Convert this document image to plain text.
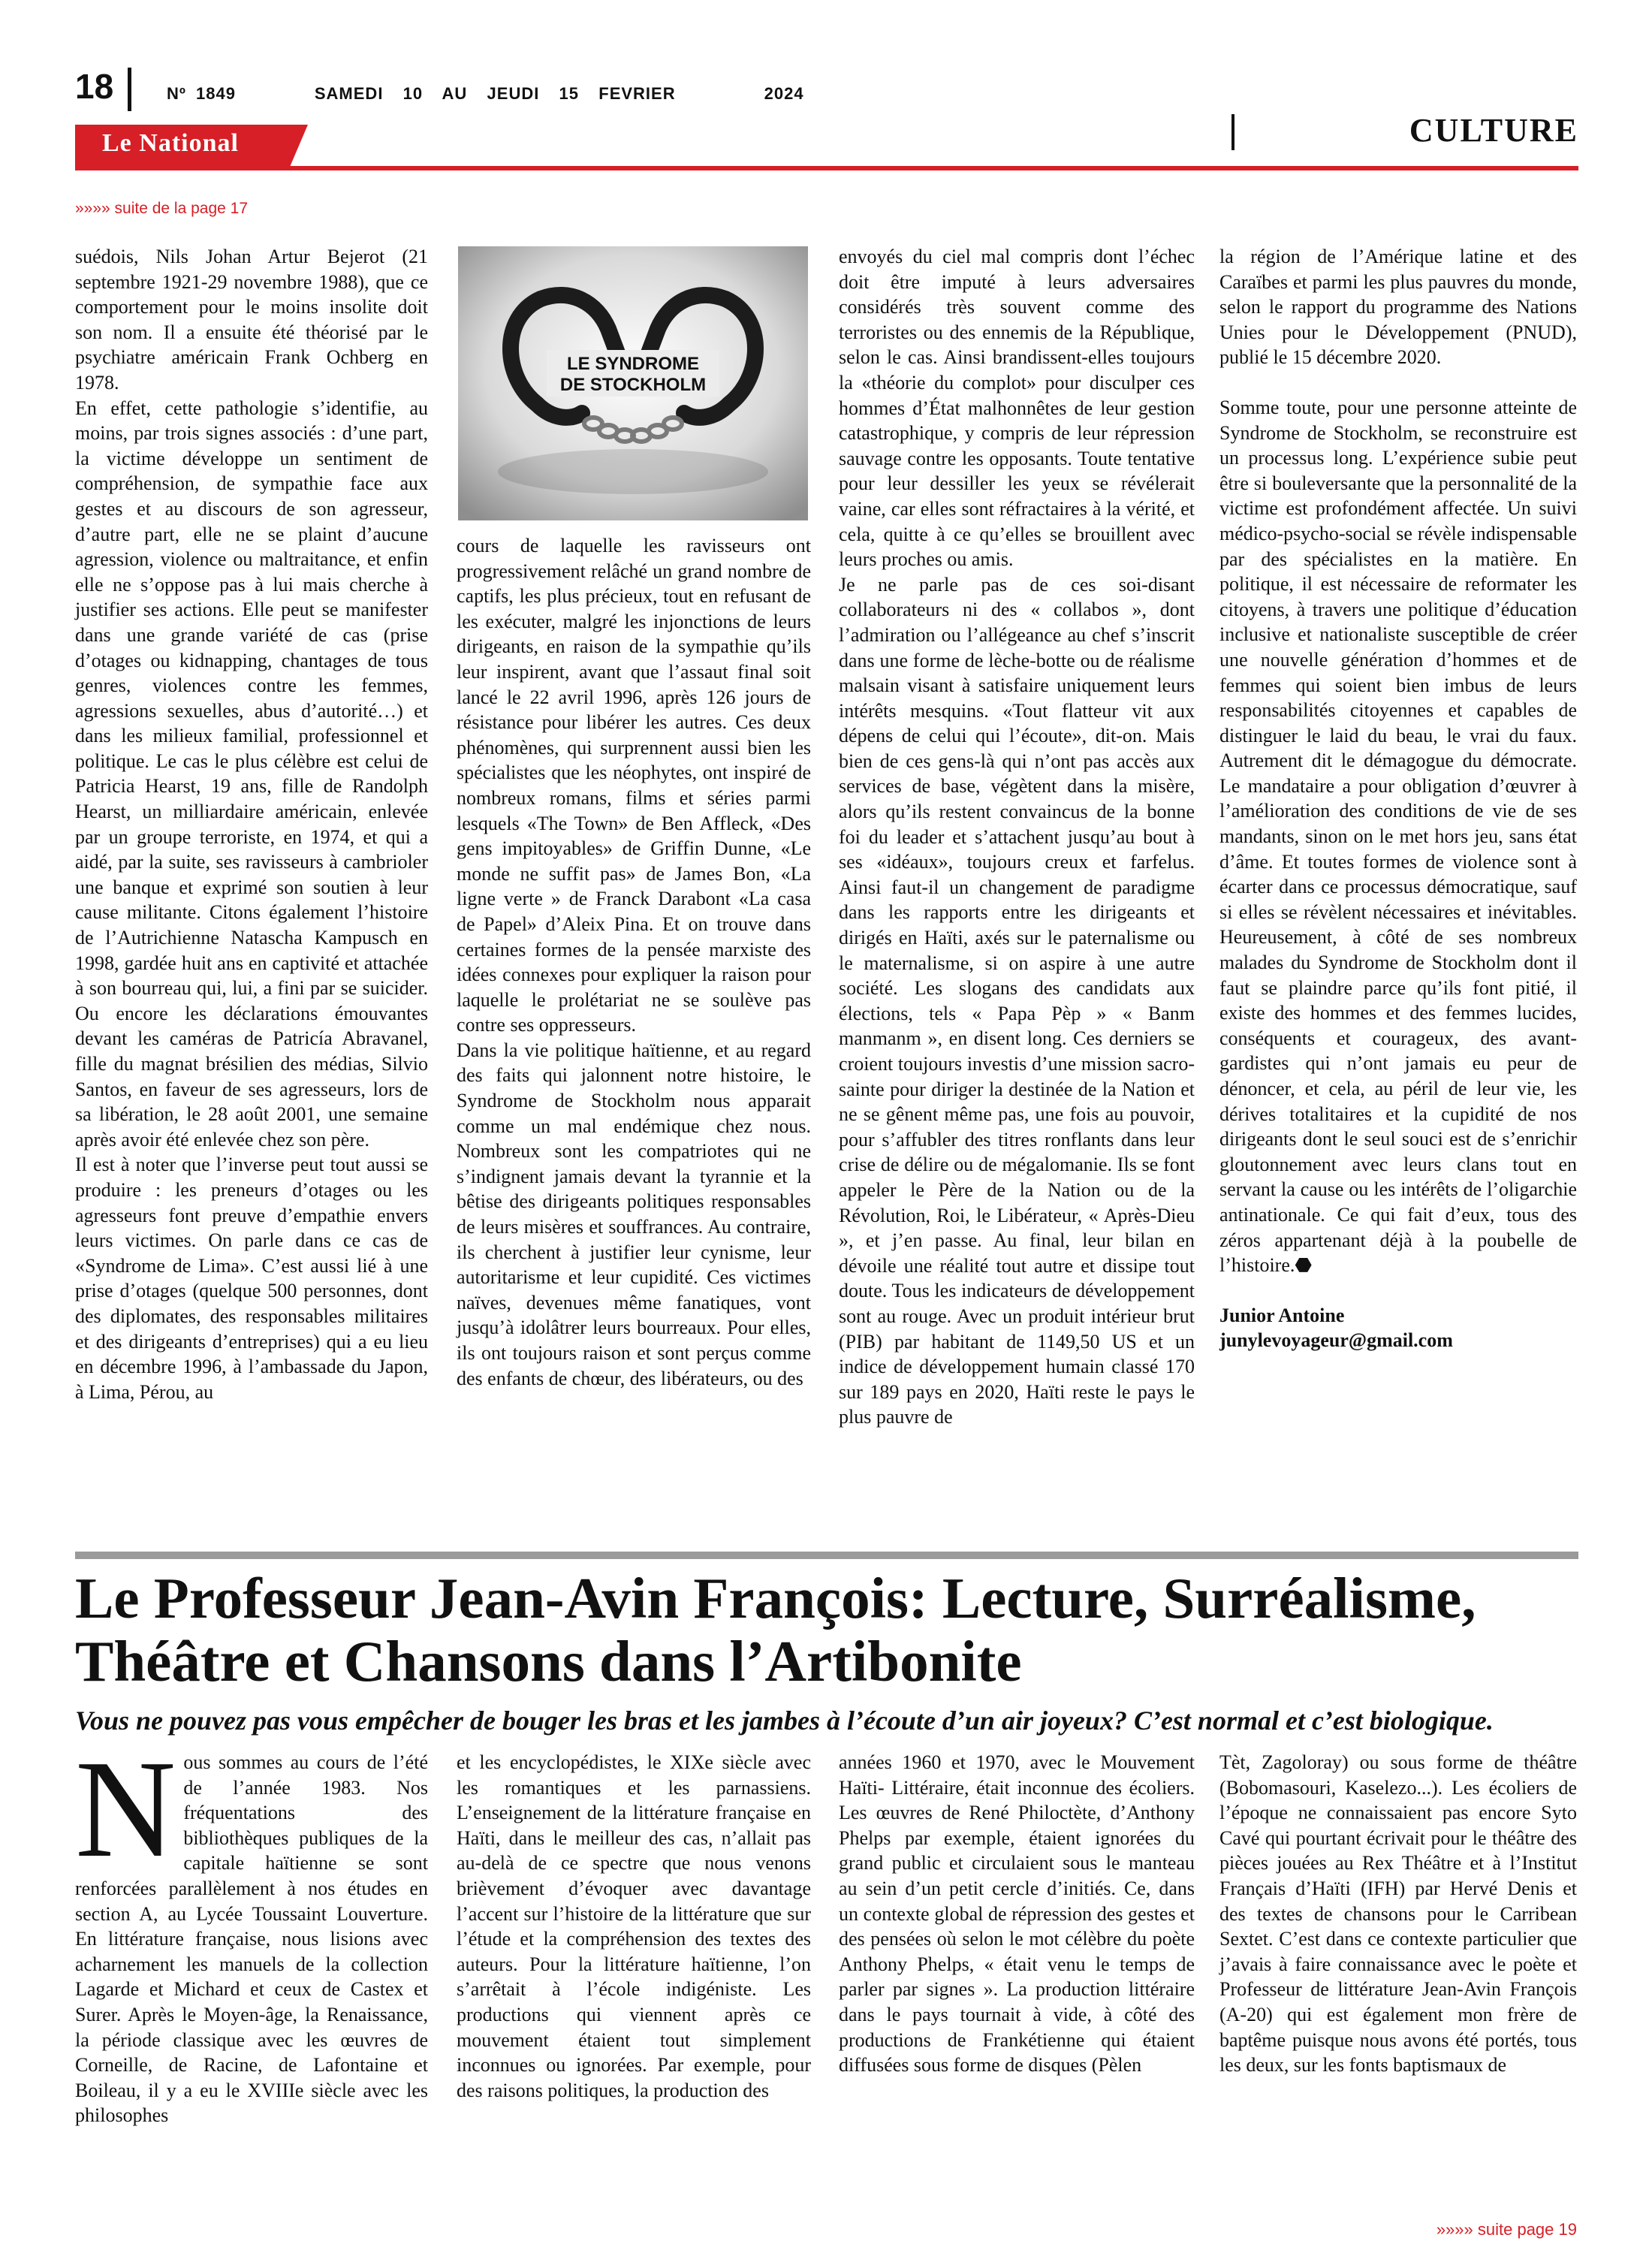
18	Nº 1849        SAMEDI  10  AU  JEUDI  15  FEVRIER         2024
Le National	CULTURE
»»»» suite de la page 17

suédois, Nils Johan Artur Bejerot (21 septembre 1921-29 novembre 1988), que ce comportement pour le moins insolite doit son nom. Il a ensuite été théorisé par le psychiatre américain Frank Ochberg en 1978.

En effet, cette pathologie s’identifie, au moins, par trois signes associés : d’une part, la victime développe un sentiment de compréhension, de sympathie face aux gestes et au discours de son agresseur, d’autre part, elle ne se plaint d’aucune agression, violence ou maltraitance, et enfin elle ne s’oppose pas à lui mais cherche à justifier ses actions. Elle peut se manifester dans une grande variété de cas (prise d’otages ou kidnapping, chantages de tous genres, violences contre les femmes, agressions sexuelles, abus d’autorité…) et dans les milieux familial, professionnel et politique. Le cas le plus célèbre est celui de Patricia Hearst, 19 ans, fille de Randolph Hearst, un milliardaire américain, enlevée par un groupe terroriste, en 1974, et qui a aidé, par la suite, ses ravisseurs à cambrioler une banque et exprimé son soutien à leur cause militante. Citons également l’histoire de l’Autrichienne Natascha Kampusch en 1998, gardée huit ans en captivité et attachée à son bourreau qui, lui, a fini par se suicider. Ou encore les déclarations émouvantes devant les caméras de Patricía Abravanel, fille du magnat brésilien des médias, Silvio Santos, en faveur de ses agresseurs, lors de sa libération, le 28 août 2001, une semaine après avoir été enlevée chez son père.

Il est à noter que l’inverse peut tout aussi se produire : les preneurs d’otages ou les agresseurs font preuve d’empathie envers leurs victimes. On parle dans ce cas de «Syndrome de Lima». C’est aussi lié à une prise d’otages (quelque 500 personnes, dont des diplomates, des responsables militaires et des dirigeants d’entreprises) qui a eu lieu en décembre 1996, à l’ambassade du Japon, à Lima, Pérou, au

LE SYNDROME
DE STOCKHOLM

cours de laquelle les ravisseurs ont progressivement relâché un grand nombre de captifs, les plus précieux, tout en refusant de les exécuter, malgré les injonctions de leurs dirigeants, en raison de la sympathie qu’ils leur inspirent, avant que l’assaut final soit lancé le 22 avril 1996, après 126 jours de résistance pour libérer les autres. Ces deux phénomènes, qui surprennent aussi bien les spécialistes que les néophytes, ont inspiré de nombreux romans, films et séries parmi lesquels «The Town» de Ben Affleck, «Des gens impitoyables» de Griffin Dunne, «Le monde ne suffit pas» de James Bon, «La ligne verte » de Franck Darabont «La casa de Papel» d’Aleix Pina. Et on trouve dans certaines formes de la pensée marxiste des idées connexes pour expliquer la raison pour laquelle le prolétariat ne se soulève pas contre ses oppresseurs.

Dans la vie politique haïtienne, et au regard des faits qui jalonnent notre histoire, le Syndrome de Stockholm nous apparait comme un mal endémique chez nous. Nombreux sont les compatriotes qui ne s’indignent jamais devant la tyrannie et la bêtise des dirigeants politiques responsables de leurs misères et souffrances. Au contraire, ils cherchent à justifier leur cynisme, leur autoritarisme et leur cupidité. Ces victimes naïves, devenues même fanatiques, vont jusqu’à idolâtrer leurs bourreaux. Pour elles, ils ont toujours raison et sont perçus comme des enfants de chœur, des libérateurs, ou des

envoyés du ciel mal compris dont l’échec doit être imputé à leurs adversaires considérés très souvent comme des terroristes ou des ennemis de la République, selon le cas. Ainsi brandissent-elles toujours la «théorie du complot» pour disculper ces hommes d’État malhonnêtes de leur gestion catastrophique, y compris de leur répression sauvage contre les opposants. Toute tentative pour leur dessiller les yeux se révélerait vaine, car elles sont réfractaires à la vérité, et cela, quitte à ce qu’elles se brouillent avec leurs proches ou amis.

Je ne parle pas de ces soi-disant collaborateurs ni des « collabos », dont l’admiration ou l’allégeance au chef s’inscrit dans une forme de lèche-botte ou de réalisme malsain visant à satisfaire uniquement leurs intérêts mesquins. «Tout flatteur vit aux dépens de celui qui l’écoute», dit-on. Mais bien de ces gens-là qui n’ont pas accès aux services de base, végètent dans la misère, alors qu’ils restent convaincus de la bonne foi du leader et s’attachent jusqu’au bout à ses «idéaux», toujours creux et farfelus. Ainsi faut-il un changement de paradigme dans les rapports entre les dirigeants et dirigés en Haïti, axés sur le paternalisme ou le maternalisme, si on aspire à une autre société. Les slogans des candidats aux élections, tels « Papa Pèp » « Banm manmanm », en disent long. Ces derniers se croient toujours investis d’une mission sacro-sainte pour diriger la destinée de la Nation et ne se gênent même pas, une fois au pouvoir, pour s’affubler des titres ronflants dans leur crise de délire ou de mégalomanie. Ils se font appeler le Père de la Nation ou de la Révolution, Roi, le Libérateur, « Après-Dieu », et j’en passe. Au final, leur bilan en dévoile une réalité tout autre et dissipe tout doute. Tous les indicateurs de développement sont au rouge. Avec un produit intérieur brut (PIB) par habitant de 1149,50 US et un indice de développement humain classé 170 sur 189 pays en 2020, Haïti reste le pays le plus pauvre de

la région de l’Amérique latine et des Caraïbes et parmi les plus pauvres du monde, selon le rapport du programme des Nations Unies pour le Développement (PNUD), publié le 15 décembre 2020.

Somme toute, pour une personne atteinte de Syndrome de Stockholm, se reconstruire est un processus long. L’expérience subie peut être si bouleversante que la personnalité de la victime est profondément affectée. Un suivi médico-psycho-social se révèle indispensable par des spécialistes en la matière. En politique, il est nécessaire de reformater les citoyens, à travers une politique d’éducation inclusive et nationaliste susceptible de créer une nouvelle génération d’hommes et de femmes qui soient bien imbus de leurs responsabilités citoyennes et capables de distinguer le laid du beau, le vrai du faux. Autrement dit le démagogue du démocrate. Le mandataire a pour obligation d’œuvrer à l’amélioration des conditions de vie de ses mandants, sinon on le met hors jeu, sans état d’âme. Et toutes formes de violence sont à écarter dans ce processus démocratique, sauf si elles se révèlent nécessaires et inévitables. Heureusement, à côté de ses nombreux malades du Syndrome de Stockholm dont il faut se plaindre parce qu’ils font pitié, il existe des hommes et des femmes lucides, conséquents et courageux, des avant-gardistes qui n’ont jamais eu peur de dénoncer, et cela, au péril de leur vie, les dérives totalitaires et la cupidité de nos dirigeants dont le seul souci est de s’enrichir gloutonnement avec leurs clans tout en servant la cause ou les intérêts de l’oligarchie antinationale. Ce qui fait d’eux, tous des zéros appartenant déjà à la poubelle de l’histoire.⬣

Junior Antoine

junylevoyageur@gmail.com

Le Professeur Jean-Avin François: Lecture, Surréalisme, Théâtre et Chansons dans l’Artibonite
Vous ne pouvez pas vous empêcher de bouger les bras et les jambes à l’écoute d’un air joyeux? C’est normal et c’est biologique.
Nous sommes au cours de l’été de l’année 1983. Nos fréquentations des bibliothèques publiques de la capitale haïtienne se sont renforcées parallèlement à nos études en section A, au Lycée Toussaint Louverture. En littérature française, nous lisions avec acharnement les manuels de la collection Lagarde et Michard et ceux de Castex et Surer. Après le Moyen-âge, la Renaissance, la période classique avec les œuvres de Corneille, de Racine, de Lafontaine et Boileau, il y a eu le XVIIIe siècle avec les philosophes
et les encyclopédistes, le XIXe siècle avec les romantiques et les parnassiens. L’enseignement de la littérature française en Haïti, dans le meilleur des cas, n’allait pas au-delà de ce spectre que nous venons brièvement d’évoquer avec davantage l’accent sur l’histoire de la littérature que sur l’étude et la compréhension des textes des auteurs. Pour la littérature haïtienne, l’on s’arrêtait à l’école indigéniste. Les productions qui viennent après ce mouvement étaient tout simplement inconnues ou ignorées. Par exemple, pour des raisons politiques, la production des
années 1960 et 1970, avec le Mouvement Haïti- Littéraire, était inconnue des écoliers. Les œuvres de René Philoctète, d’Anthony Phelps par exemple, étaient ignorées du grand public et circulaient sous le manteau au sein d’un petit cercle d’initiés. Ce, dans un contexte global de répression des gestes et des pensées où selon le mot célèbre du poète Anthony Phelps, « était venu le temps de parler par signes ». La production littéraire dans le pays tournait à vide, à côté des productions de Frankétienne qui étaient diffusées sous forme de disques (Pèlen
Tèt, Zagoloray) ou sous forme de théâtre (Bobomasouri, Kaselezo...). Les écoliers de l’époque ne connaissaient pas encore Syto Cavé qui pourtant écrivait pour le théâtre des pièces jouées au Rex Théâtre et à l’Institut Français d’Haïti (IFH) par Hervé Denis et des textes de chansons pour le Carribean Sextet. C’est dans ce contexte particulier que j’avais à faire connaissance avec le poète et Professeur de littérature Jean-Avin François (A-20) qui est également mon frère de baptême puisque nous avons été portés, tous les deux, sur les fonts baptismaux de
»»»» suite page 19
